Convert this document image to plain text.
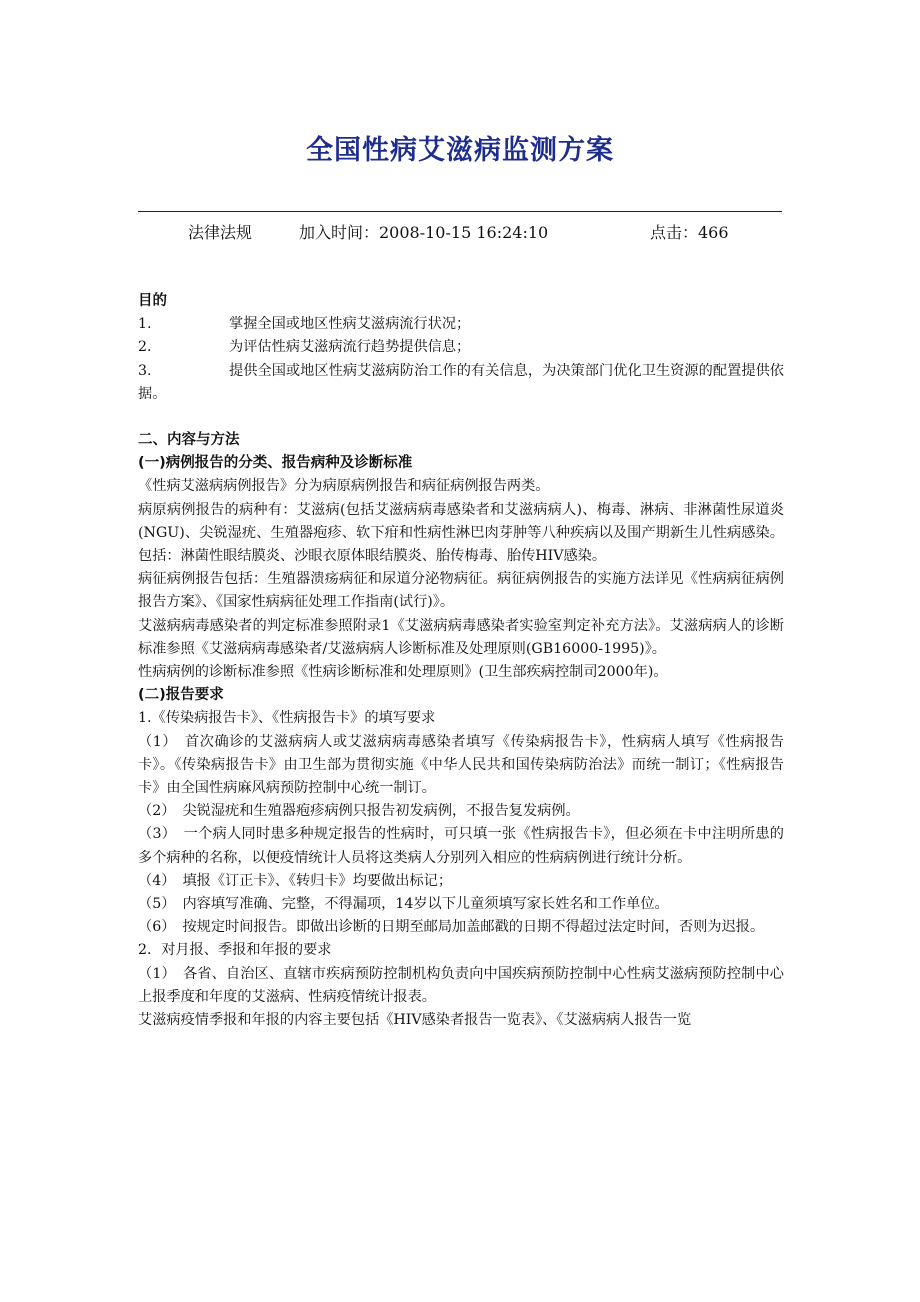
全国性病艾滋病监测方案
法律法规	加入时间：2008-10-15 16:24:10	点击：466

目的

1.	掌握全国或地区性病艾滋病流行状况；

2.	为评估性病艾滋病流行趋势提供信息；

3.	提供全国或地区性病艾滋病防治工作的有关信息，为决策部门优化卫生资源的配置提供依据。

二、内容与方法

(一)病例报告的分类、报告病种及诊断标准

《性病艾滋病病例报告》分为病原病例报告和病征病例报告两类。

病原病例报告的病种有：艾滋病(包括艾滋病病毒感染者和艾滋病病人)、梅毒、淋病、非淋菌性尿道炎(NGU)、尖锐湿疣、生殖器疱疹、软下疳和性病性淋巴肉芽肿等八种疾病以及围产期新生儿性病感染。包括：淋菌性眼结膜炎、沙眼衣原体眼结膜炎、胎传梅毒、胎传HIV感染。

病征病例报告包括：生殖器溃疡病征和尿道分泌物病征。病征病例报告的实施方法详见《性病病征病例报告方案》、《国家性病病征处理工作指南(试行)》。

艾滋病病毒感染者的判定标准参照附录1《艾滋病病毒感染者实验室判定补充方法》。艾滋病病人的诊断标准参照《艾滋病病毒感染者/艾滋病病人诊断标准及处理原则(GB16000-1995)》。

性病病例的诊断标准参照《性病诊断标准和处理原则》(卫生部疾病控制司2000年)。

(二)报告要求

1.《传染病报告卡》、《性病报告卡》的填写要求

（1）　首次确诊的艾滋病病人或艾滋病病毒感染者填写《传染病报告卡》，性病病人填写《性病报告卡》。《传染病报告卡》由卫生部为贯彻实施《中华人民共和国传染病防治法》而统一制订；《性病报告卡》由全国性病麻风病预防控制中心统一制订。

（2）　尖锐湿疣和生殖器疱疹病例只报告初发病例，不报告复发病例。

（3）　一个病人同时患多种规定报告的性病时，可只填一张《性病报告卡》，但必须在卡中注明所患的多个病种的名称，以便疫情统计人员将这类病人分别列入相应的性病病例进行统计分析。

（4）　填报《订正卡》、《转归卡》均要做出标记；

（5）　内容填写准确、完整，不得漏项，14岁以下儿童须填写家长姓名和工作单位。

（6）　按规定时间报告。即做出诊断的日期至邮局加盖邮戳的日期不得超过法定时间，否则为迟报。

2．对月报、季报和年报的要求

（1）　各省、自治区、直辖市疾病预防控制机构负责向中国疾病预防控制中心性病艾滋病预防控制中心上报季度和年度的艾滋病、性病疫情统计报表。

艾滋病疫情季报和年报的内容主要包括《HIV感染者报告一览表》、《艾滋病病人报告一览
